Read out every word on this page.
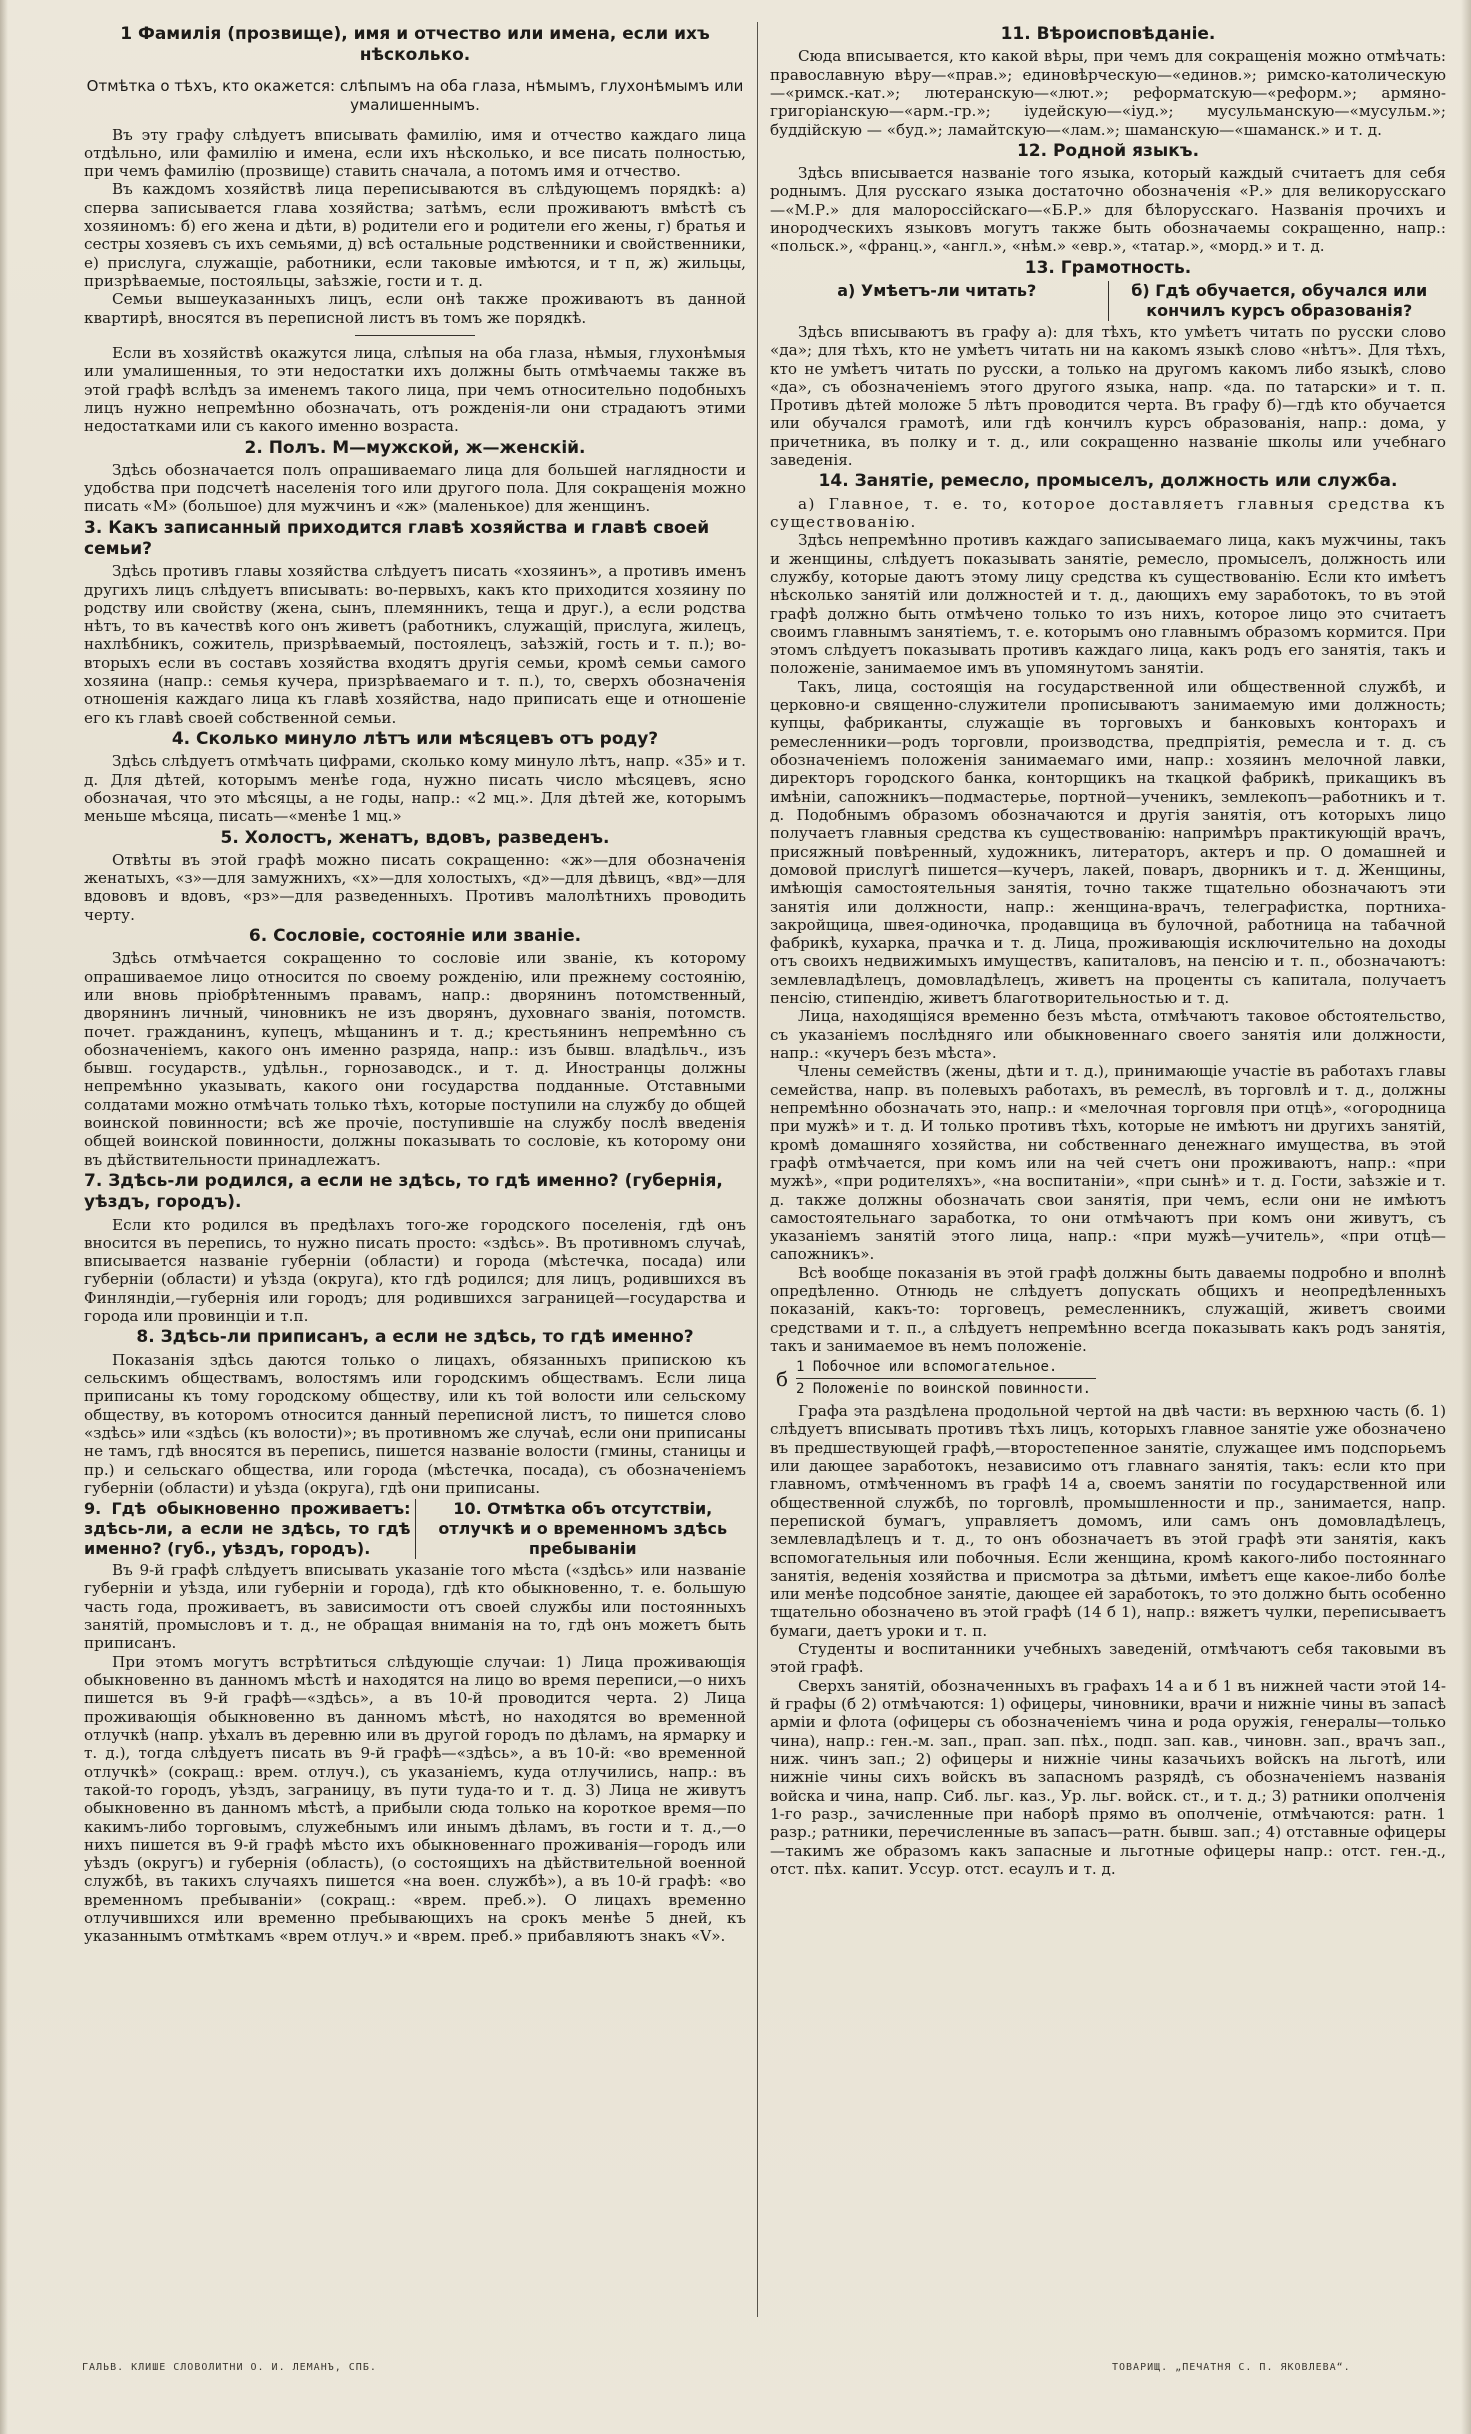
1 Фамилія (прозвище), имя и отчество или имена, если ихъ нѣсколько.
Отмѣтка о тѣхъ, кто окажется: слѣпымъ на оба глаза, нѣмымъ, глухонѣмымъ или умалишеннымъ.

Въ эту графу слѣдуетъ вписывать фамилію, имя и отчество каждаго лица отдѣльно, или фамилію и имена, если ихъ нѣсколько, и все писать полностью, при чемъ фамилію (прозвище) ставить сначала, а потомъ имя и отчество.

Въ каждомъ хозяйствѣ лица переписываются въ слѣдующемъ порядкѣ: а) сперва записывается глава хозяйства; затѣмъ, если проживаютъ вмѣстѣ съ хозяиномъ: б) его жена и дѣти, в) родители его и родители его жены, г) братья и сестры хозяевъ съ ихъ семьями, д) всѣ остальные родственники и свойственники, е) прислуга, служащіе, работники, если таковые имѣются, и т п, ж) жильцы, призрѣваемые, постояльцы, заѣзжіе, гости и т. д.

Семьи вышеуказанныхъ лицъ, если онѣ также проживаютъ въ данной квартирѣ, вносятся въ переписной листъ въ томъ же порядкѣ.

Если въ хозяйствѣ окажутся лица, слѣпыя на оба глаза, нѣмыя, глухонѣмыя или умалишенныя, то эти недостатки ихъ должны быть отмѣчаемы также въ этой графѣ вслѣдъ за именемъ такого лица, при чемъ относительно подобныхъ лицъ нужно непремѣнно обозначать, отъ рожденія-ли они страдаютъ этими недостатками или съ какого именно возраста.

2. Полъ. М—мужской, ж—женскій.

Здѣсь обозначается полъ опрашиваемаго лица для большей наглядности и удобства при подсчетѣ населенія того или другого пола. Для сокращенія можно писать «М» (большое) для мужчинъ и «ж» (маленькое) для женщинъ.

3. Какъ записанный приходится главѣ хозяйства и главѣ своей семьи?

Здѣсь противъ главы хозяйства слѣдуетъ писать «хозяинъ», а противъ именъ другихъ лицъ слѣдуетъ вписывать: во-первыхъ, какъ кто приходится хозяину по родству или свойству (жена, сынъ, племянникъ, теща и друг.), а если родства нѣтъ, то въ качествѣ кого онъ живетъ (работникъ, служащій, прислуга, жилецъ, нахлѣбникъ, сожитель, призрѣваемый, постоялецъ, заѣзжій, гость и т. п.); во-вторыхъ если въ составъ хозяйства входятъ другія семьи, кромѣ семьи самого хозяина (напр.: семья кучера, призрѣваемаго и т. п.), то, сверхъ обозначенія отношенія каждаго лица къ главѣ хозяйства, надо приписать еще и отношеніе его къ главѣ своей собственной семьи.

4. Сколько минуло лѣтъ или мѣсяцевъ отъ роду?

Здѣсь слѣдуетъ отмѣчать цифрами, сколько кому минуло лѣтъ, напр. «35» и т. д. Для дѣтей, которымъ менѣе года, нужно писать число мѣсяцевъ, ясно обозначая, что это мѣсяцы, а не годы, напр.: «2 мц.». Для дѣтей же, которымъ меньше мѣсяца, писать—«менѣе 1 мц.»

5. Холостъ, женатъ, вдовъ, разведенъ.

Отвѣты въ этой графѣ можно писать сокращенно: «ж»—для обозначенія женатыхъ, «з»—для замужнихъ, «х»—для холостыхъ, «д»—для дѣвицъ, «вд»—для вдововъ и вдовъ, «рз»—для разведенныхъ. Противъ малолѣтнихъ проводить черту.

6. Сословіе, состояніе или званіе.

Здѣсь отмѣчается сокращенно то сословіе или званіе, къ которому опрашиваемое лицо относится по своему рожденію, или прежнему состоянію, или вновь пріобрѣтеннымъ правамъ, напр.: дворянинъ потомственный, дворянинъ личный, чиновникъ не изъ дворянъ, духовнаго званія, потомств. почет. гражданинъ, купецъ, мѣщанинъ и т. д.; крестьянинъ непремѣнно съ обозначеніемъ, какого онъ именно разряда, напр.: изъ бывш. владѣльч., изъ бывш. государств., удѣльн., горнозаводск., и т. д. Иностранцы должны непремѣнно указывать, какого они государства подданные. Отставными солдатами можно отмѣчать только тѣхъ, которые поступили на службу до общей воинской повинности; всѣ же прочіе, поступившіе на службу послѣ введенія общей воинской повинности, должны показывать то сословіе, къ которому они въ дѣйствительности принадлежатъ.

7. Здѣсь-ли родился, а если не здѣсь, то гдѣ именно? (губернія, уѣздъ, городъ).

Если кто родился въ предѣлахъ того-же городского поселенія, гдѣ онъ вносится въ перепись, то нужно писать просто: «здѣсь». Въ противномъ случаѣ, вписывается названіе губерніи (области) и города (мѣстечка, посада) или губерніи (области) и уѣзда (округа), кто гдѣ родился; для лицъ, родившихся въ Финляндіи,—губернія или городъ; для родившихся заграницей—государства и города или провинціи и т.п.

8. Здѣсь-ли приписанъ, а если не здѣсь, то гдѣ именно?

Показанія здѣсь даются только о лицахъ, обязанныхъ припискою къ сельскимъ обществамъ, волостямъ или городскимъ обществамъ. Если лица приписаны къ тому городскому обществу, или къ той волости или сельскому обществу, въ которомъ относится данный переписной листъ, то пишется слово «здѣсь» или «здѣсь (къ волости)»; въ противномъ же случаѣ, если они приписаны не тамъ, гдѣ вносятся въ перепись, пишется названіе волости (гмины, станицы и пр.) и сельскаго общества, или города (мѣстечка, посада), съ обозначеніемъ губерніи (области) и уѣзда (округа), гдѣ они приписаны.

9. Гдѣ обыкновенно проживаетъ: здѣсь-ли, а если не здѣсь, то гдѣ именно? (губ., уѣздъ, городъ).
10. Отмѣтка объ отсутствіи, отлучкѣ и о временномъ здѣсь пребываніи

Въ 9-й графѣ слѣдуетъ вписывать указаніе того мѣста («здѣсь» или названіе губерніи и уѣзда, или губерніи и города), гдѣ кто обыкновенно, т. е. большую часть года, проживаетъ, въ зависимости отъ своей службы или постоянныхъ занятій, промысловъ и т. д., не обращая вниманія на то, гдѣ онъ можетъ быть приписанъ.

При этомъ могутъ встрѣтиться слѣдующіе случаи: 1) Лица проживающія обыкновенно въ данномъ мѣстѣ и находятся на лицо во время переписи,—о нихъ пишется въ 9-й графѣ—«здѣсь», а въ 10-й проводится черта. 2) Лица проживающія обыкновенно въ данномъ мѣстѣ, но находятся во временной отлучкѣ (напр. уѣхалъ въ деревню или въ другой городъ по дѣламъ, на ярмарку и т. д.), тогда слѣдуетъ писать въ 9-й графѣ—«здѣсь», а въ 10-й: «во временной отлучкѣ» (сокращ.: врем. отлуч.), съ указаніемъ, куда отлучились, напр.: въ такой-то городъ, уѣздъ, заграницу, въ пути туда-то и т. д. 3) Лица не живутъ обыкновенно въ данномъ мѣстѣ, а прибыли сюда только на короткое время—по какимъ-либо торговымъ, служебнымъ или инымъ дѣламъ, въ гости и т. д.,—о нихъ пишется въ 9-й графѣ мѣсто ихъ обыкновеннаго проживанія—городъ или уѣздъ (округъ) и губернія (область), (о состоящихъ на дѣйствительной военной службѣ, въ такихъ случаяхъ пишется «на воен. службѣ»), а въ 10-й графѣ: «во временномъ пребываніи» (сокращ.: «врем. преб.»). О лицахъ временно отлучившихся или временно пребывающихъ на срокъ менѣе 5 дней, къ указаннымъ отмѣткамъ «врем отлуч.» и «врем. преб.» прибавляютъ знакъ «V».

11. Вѣроисповѣданіе.

Сюда вписывается, кто какой вѣры, при чемъ для сокращенія можно отмѣчать: православную вѣру—«прав.»; единовѣрческую—«единов.»; римско-католическую—«римск.-кат.»; лютеранскую—«лют.»; реформатскую—«реформ.»; армяно-григоріанскую—«арм.-гр.»; іудейскую—«іуд.»; мусульманскую—«мусульм.»; буддійскую — «буд.»; ламайтскую—«лам.»; шаманскую—«шаманск.» и т. д.

12. Родной языкъ.

Здѣсь вписывается названіе того языка, который каждый считаетъ для себя роднымъ. Для русскаго языка достаточно обозначенія «Р.» для великорусскаго—«М.Р.» для малороссійскаго—«Б.Р.» для бѣлорусскаго. Названія прочихъ и инородческихъ языковъ могутъ также быть обозначаемы сокращенно, напр.: «польск.», «франц.», «англ.», «нѣм.» «евр.», «татар.», «морд.» и т. д.

13. Грамотность.
а) Умѣетъ-ли читать?	б) Гдѣ обучается, обучался или кончилъ курсъ образованія?

Здѣсь вписываютъ въ графу а): для тѣхъ, кто умѣетъ читать по русски слово «да»; для тѣхъ, кто не умѣетъ читать ни на какомъ языкѣ слово «нѣтъ». Для тѣхъ, кто не умѣетъ читать по русски, а только на другомъ какомъ либо языкѣ, слово «да», съ обозначеніемъ этого другого языка, напр. «да. по татарски» и т. п. Противъ дѣтей моложе 5 лѣтъ проводится черта. Въ графу б)—гдѣ кто обучается или обучался грамотѣ, или гдѣ кончилъ курсъ образованія, напр.: дома, у причетника, въ полку и т. д., или сокращенно названіе школы или учебнаго заведенія.

14. Занятіе, ремесло, промыселъ, должность или служба.

а) Главное, т. е. то, которое доставляетъ главныя средства къ существованію.

Здѣсь непремѣнно противъ каждаго записываемаго лица, какъ мужчины, такъ и женщины, слѣдуетъ показывать занятіе, ремесло, промыселъ, должность или службу, которые даютъ этому лицу средства къ существованію. Если кто имѣетъ нѣсколько занятій или должностей и т. д., дающихъ ему заработокъ, то въ этой графѣ должно быть отмѣчено только то изъ нихъ, которое лицо это считаетъ своимъ главнымъ занятіемъ, т. е. которымъ оно главнымъ образомъ кормится. При этомъ слѣдуетъ показывать противъ каждаго лица, какъ родъ его занятія, такъ и положеніе, занимаемое имъ въ упомянутомъ занятіи.

Такъ, лица, состоящія на государственной или общественной службѣ, и церковно-и священно-служители прописываютъ занимаемую ими должность; купцы, фабриканты, служащіе въ торговыхъ и банковыхъ конторахъ и ремесленники—родъ торговли, производства, предпріятія, ремесла и т. д. съ обозначеніемъ положенія занимаемаго ими, напр.: хозяинъ мелочной лавки, директоръ городского банка, конторщикъ на ткацкой фабрикѣ, прикащикъ въ имѣніи, сапожникъ—подмастерье, портной—ученикъ, землекопъ—работникъ и т. д. Подобнымъ образомъ обозначаются и другія занятія, отъ которыхъ лицо получаетъ главныя средства къ существованію: напримѣръ практикующій врачъ, присяжный повѣренный, художникъ, литераторъ, актеръ и пр. О домашней и домовой прислугѣ пишется—кучеръ, лакей, поваръ, дворникъ и т. д. Женщины, имѣющія самостоятельныя занятія, точно также тщательно обозначаютъ эти занятія или должности, напр.: женщина-врачъ, телеграфистка, портниха-закройщица, швея-одиночка, продавщица въ булочной, работница на табачной фабрикѣ, кухарка, прачка и т. д. Лица, проживающія исключительно на доходы отъ своихъ недвижимыхъ имуществъ, капиталовъ, на пенсію и т. п., обозначаютъ: землевладѣлецъ, домовладѣлецъ, живетъ на проценты съ капитала, получаетъ пенсію, стипендію, живетъ благотворительностью и т. д.

Лица, находящіяся временно безъ мѣста, отмѣчаютъ таковое обстоятельство, съ указаніемъ послѣдняго или обыкновеннаго своего занятія или должности, напр.: «кучеръ безъ мѣста».

Члены семействъ (жены, дѣти и т. д.), принимающіе участіе въ работахъ главы семейства, напр. въ полевыхъ работахъ, въ ремеслѣ, въ торговлѣ и т. д., должны непремѣнно обозначать это, напр.: и «мелочная торговля при отцѣ», «огородница при мужѣ» и т. д. И только противъ тѣхъ, которые не имѣютъ ни другихъ занятій, кромѣ домашняго хозяйства, ни собственнаго денежнаго имущества, въ этой графѣ отмѣчается, при комъ или на чей счетъ они проживаютъ, напр.: «при мужѣ», «при родителяхъ», «на воспитаніи», «при сынѣ» и т. д. Гости, заѣзжіе и т. д. также должны обозначать свои занятія, при чемъ, если они не имѣютъ самостоятельнаго заработка, то они отмѣчаютъ при комъ они живутъ, съ указаніемъ занятій этого лица, напр.: «при мужѣ—учитель», «при отцѣ—сапожникъ».

Всѣ вообще показанія въ этой графѣ должны быть даваемы подробно и вполнѣ опредѣленно. Отнюдь не слѣдуетъ допускать общихъ и неопредѣленныхъ показаній, какъ-то: торговецъ, ремесленникъ, служащій, живетъ своими средствами и т. п., а слѣдуетъ непремѣнно всегда показывать какъ родъ занятія, такъ и занимаемое въ немъ положеніе.

б 1 Побочное или вспомогательное.
2 Положеніе по воинской повинности.

Графа эта раздѣлена продольной чертой на двѣ части: въ верхнюю часть (б. 1) слѣдуетъ вписывать противъ тѣхъ лицъ, которыхъ главное занятіе уже обозначено въ предшествующей графѣ,—второстепенное занятіе, служащее имъ подспорьемъ или дающее заработокъ, независимо отъ главнаго занятія, такъ: если кто при главномъ, отмѣченномъ въ графѣ 14 а, своемъ занятіи по государственной или общественной службѣ, по торговлѣ, промышленности и пр., занимается, напр. перепиской бумагъ, управляетъ домомъ, или самъ онъ домовладѣлецъ, землевладѣлецъ и т. д., то онъ обозначаетъ въ этой графѣ эти занятія, какъ вспомогательныя или побочныя. Если женщина, кромѣ какого-либо постояннаго занятія, веденія хозяйства и присмотра за дѣтьми, имѣетъ еще какое-либо болѣе или менѣе подсобное занятіе, дающее ей заработокъ, то это должно быть особенно тщательно обозначено въ этой графѣ (14 б 1), напр.: вяжетъ чулки, переписываетъ бумаги, даетъ уроки и т. п.

Студенты и воспитанники учебныхъ заведеній, отмѣчаютъ себя таковыми въ этой графѣ.

Сверхъ занятій, обозначенныхъ въ графахъ 14 а и б 1 въ нижней части этой 14-й графы (б 2) отмѣчаются: 1) офицеры, чиновники, врачи и нижніе чины въ запасѣ арміи и флота (офицеры съ обозначеніемъ чина и рода оружія, генералы—только чина), напр.: ген.-м. зап., прап. зап. пѣх., подп. зап. кав., чиновн. зап., врачъ зап., ниж. чинъ зап.; 2) офицеры и нижніе чины казачьихъ войскъ на льготѣ, или нижніе чины сихъ войскъ въ запасномъ разрядѣ, съ обозначеніемъ названія войска и чина, напр. Сиб. льг. каз., Ур. льг. войск. ст., и т. д.; 3) ратники ополченія 1-го разр., зачисленные при наборѣ прямо въ ополченіе, отмѣчаются: ратн. 1 разр.; ратники, перечисленные въ запасъ—ратн. бывш. зап.; 4) отставные офицеры—такимъ же образомъ какъ запасные и льготные офицеры напр.: отст. ген.-д., отст. пѣх. капит. Уссур. отст. есаулъ и т. д.

ГАЛЬВ. КЛИШЕ СЛОВОЛИТНИ О. И. ЛЕМАНЪ, СПБ.	ТОВАРИЩ. „ПЕЧАТНЯ С. П. ЯКОВЛЕВА“.
